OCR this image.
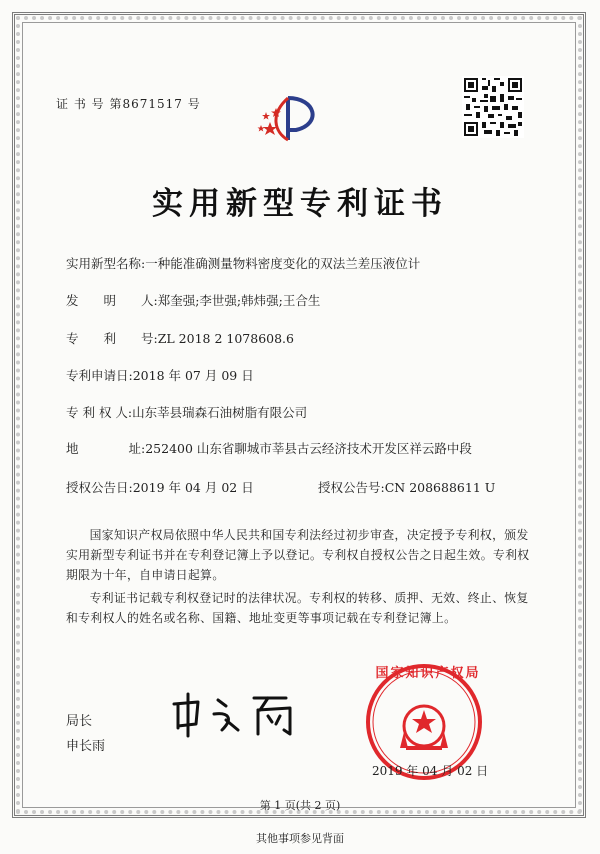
证 书 号 第8671517 号
实用新型专利证书
实用新型名称:一种能准确测量物料密度变化的双法兰差压液位计
发　　明　　人:郑奎强;李世强;韩炜强;王合生
专　　利　　号:ZL 2018 2 1078608.6
专利申请日:2018 年 07 月 09 日
专 利 权 人:山东莘县瑞森石油树脂有限公司
地　　　　址: 252400 山东省聊城市莘县古云经济技术开发区祥云路中段
授权公告日:2019 年 04 月 02 日	授权公告号:CN 208688611 U
国家知识产权局依照中华人民共和国专利法经过初步审查，决定授予专利权，颁发实用新型专利证书并在专利登记簿上予以登记。专利权自授权公告之日起生效。专利权期限为十年，自申请日起算。
专利证书记载专利权登记时的法律状况。专利权的转移、质押、无效、终止、恢复和专利权人的姓名或名称、国籍、地址变更等事项记载在专利登记簿上。
局长
申长雨
国家知识产权局
2019 年 04 月 02 日
第 1 页(共 2 页)
其他事项参见背面
